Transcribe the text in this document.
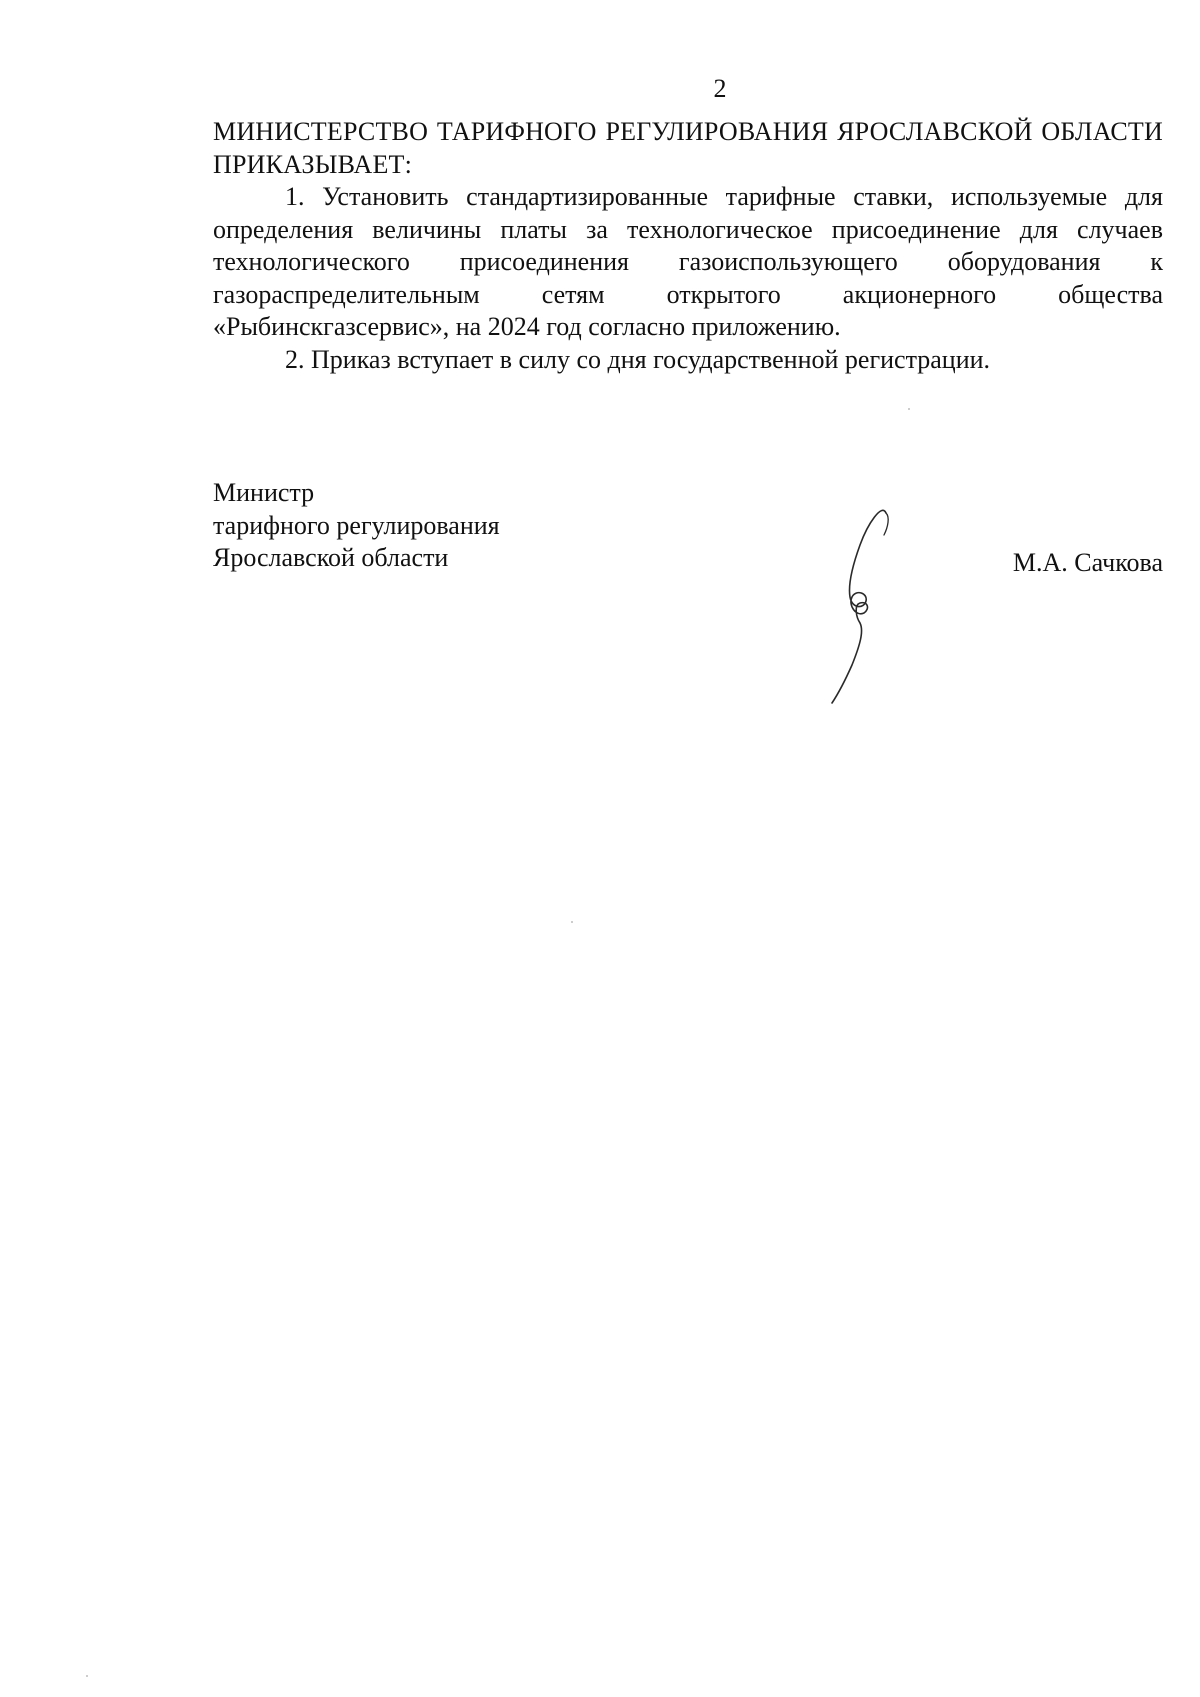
2

МИНИСТЕРСТВО ТАРИФНОГО РЕГУЛИРОВАНИЯ ЯРОСЛАВСКОЙ ОБЛАСТИ ПРИКАЗЫВАЕТ:

1. Установить стандартизированные тарифные ставки, используемые для определения величины платы за технологическое присоединение для случаев технологического присоединения газоиспользующего оборудования к газораспределительным сетям открытого акционерного общества «Рыбинскгазсервис», на 2024 год согласно приложению.

2. Приказ вступает в силу со дня государственной регистрации.

Министр
тарифного регулирования
Ярославской области	М.А. Сачкова
